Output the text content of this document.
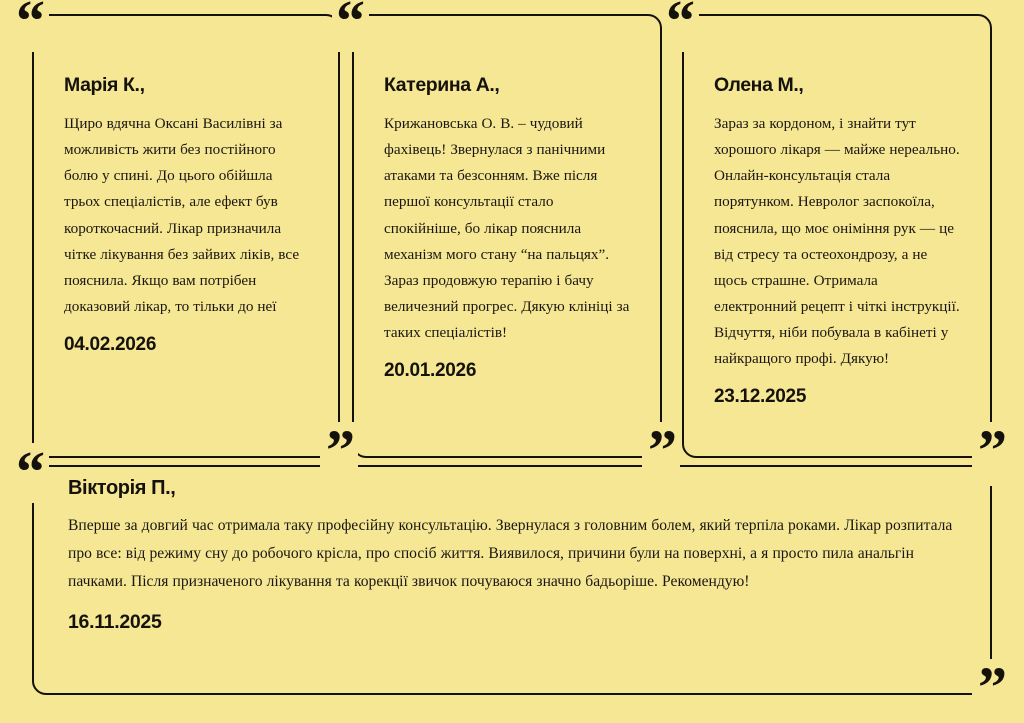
“
”
Марія К.,

Щиро вдячна Оксані Василівні за можливість жити без постійного болю у спині. До цього обійшла трьох спеціалістів, але ефект був короткочасний. Лікар призначила чітке лікування без зайвих ліків, все пояснила. Якщо вам потрібен доказовий лікар, то тільки до неї

04.02.2026
“
”
Катерина А.,

Крижановська О. В. – чудовий фахівець! Звернулася з панічними атаками та безсонням. Вже після першої консультації стало спокійніше, бо лікар пояснила механізм мого стану “на пальцях”. Зараз продовжую терапію і бачу величезний прогрес. Дякую клініці за таких спеціалістів!

20.01.2026
“
”
Олена М.,

Зараз за кордоном, і знайти тут хорошого лікаря — майже нереально. Онлайн-консультація стала порятунком. Невролог заспокоїла, пояснила, що моє оніміння рук — це від стресу та остеохондрозу, а не щось страшне. Отримала електронний рецепт і чіткі інструкції. Відчуття, ніби побувала в кабінеті у найкращого профі. Дякую!

23.12.2025
“
”
Вікторія П.,

Вперше за довгий час отримала таку професійну консультацію. Звернулася з головним болем, який терпіла роками. Лікар розпитала про все: від режиму сну до робочого крісла, про спосіб життя. Виявилося, причини були на поверхні, а я просто пила анальгін пачками. Після призначеного лікування та корекції звичок почуваюся значно бадьоріше. Рекомендую!

16.11.2025
